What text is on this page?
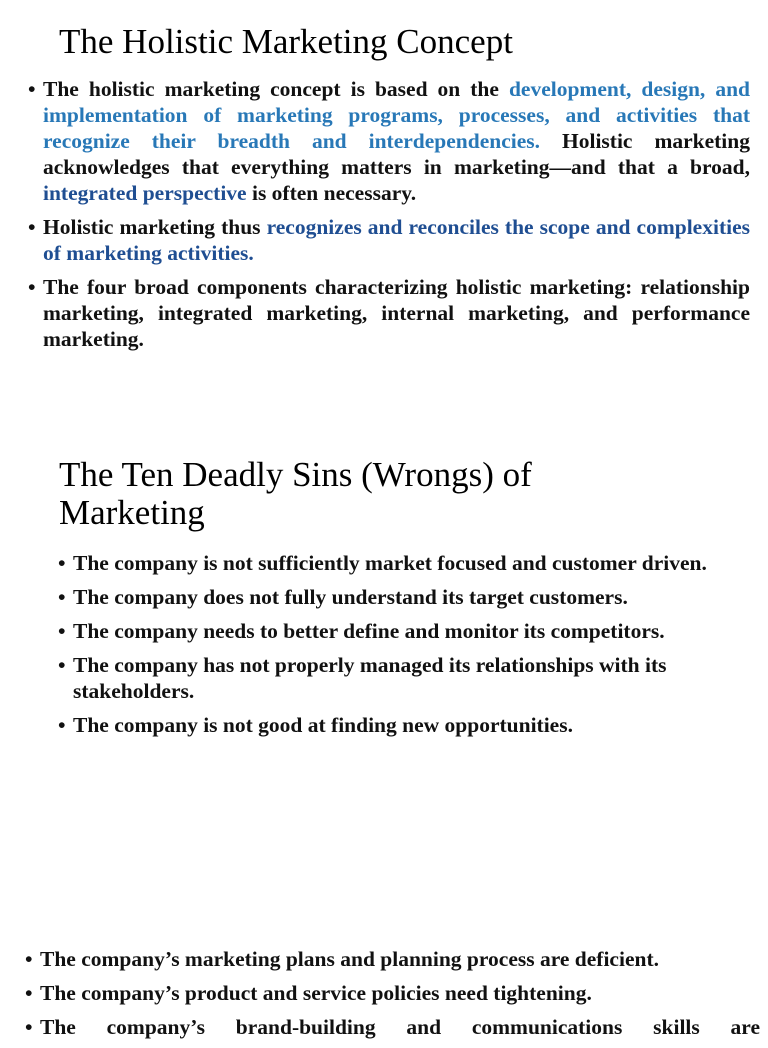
The Holistic Marketing Concept
• The holistic marketing concept is based on the development, design, and implementation of marketing programs, processes, and activities that recognize their breadth and interdependencies. Holistic marketing acknowledges that everything matters in marketing—and that a broad, integrated perspective is often necessary.
• Holistic marketing thus recognizes and reconciles the scope and complexities of marketing activities.
• The four broad components characterizing holistic marketing: relationship marketing, integrated marketing, internal marketing, and performance marketing.
The Ten Deadly Sins (Wrongs) of Marketing
• The company is not sufficiently market focused and customer driven.
• The company does not fully understand its target customers.
• The company needs to better define and monitor its competitors.
• The company has not properly managed its relationships with its stakeholders.
• The company is not good at finding new opportunities.
• The company’s marketing plans and planning process are deficient.
• The company’s product and service policies need tightening.
• The company’s brand-building and communications skills are
